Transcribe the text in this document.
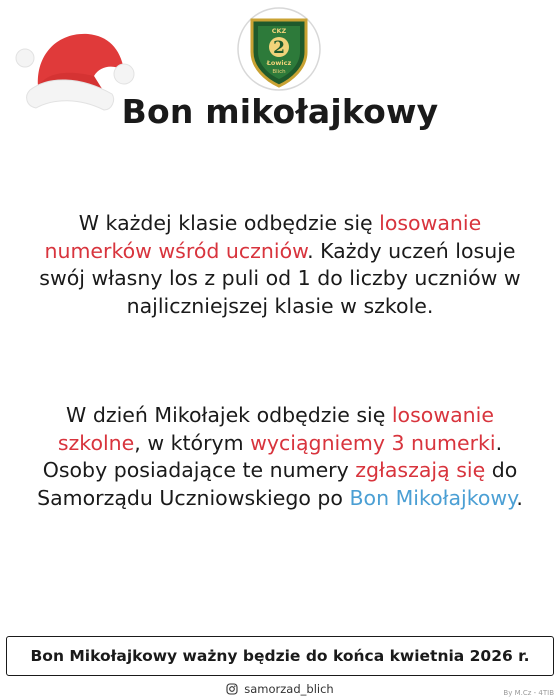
CKZ
2
Łowicz
Blich
Bon mikołajkowy
W każdej klasie odbędzie się losowanie numerków wśród uczniów. Każdy uczeń losuje swój własny los z puli od 1 do liczby uczniów w najliczniejszej klasie w szkole.
W dzień Mikołajek odbędzie się losowanie szkolne, w którym wyciągniemy 3 numerki. Osoby posiadające te numery zgłaszają się do Samorządu Uczniowskiego po Bon Mikołajkowy.
Bon Mikołajkowy ważny będzie do końca kwietnia 2026 r.
samorzad_blich	By M.Cz - 4TIB
